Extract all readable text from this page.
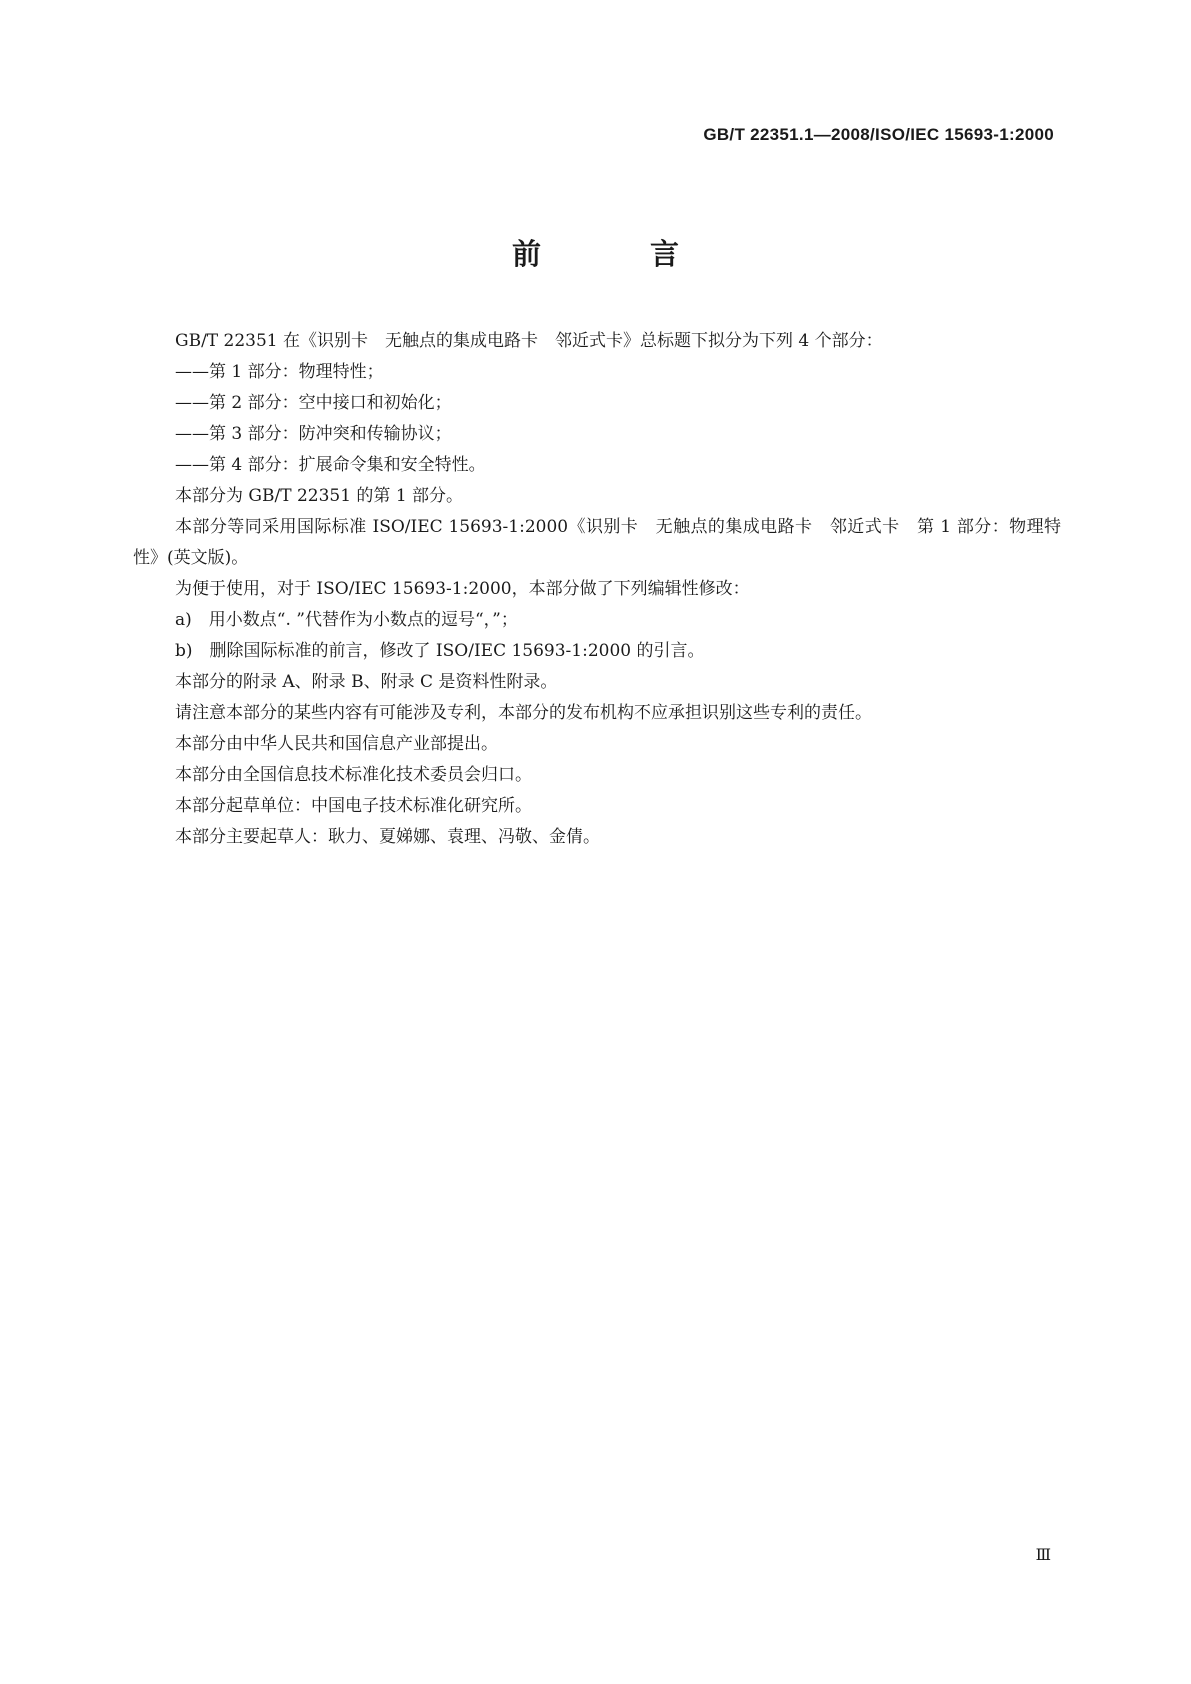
GB/T 22351.1—2008/ISO/IEC 15693-1:2000
前　言

GB/T 22351 在《识别卡　无触点的集成电路卡　邻近式卡》总标题下拟分为下列 4 个部分：

——第 1 部分：物理特性；

——第 2 部分：空中接口和初始化；

——第 3 部分：防冲突和传输协议；

——第 4 部分：扩展命令集和安全特性。

本部分为 GB/T 22351 的第 1 部分。

本部分等同采用国际标准 ISO/IEC 15693-1:2000《识别卡　无触点的集成电路卡　邻近式卡　第 1 部分：物理特性》(英文版)。

为便于使用，对于 ISO/IEC 15693-1:2000，本部分做了下列编辑性修改：

a)　用小数点“. ”代替作为小数点的逗号“，”；

b)　删除国际标准的前言，修改了 ISO/IEC 15693-1:2000 的引言。

本部分的附录 A、附录 B、附录 C 是资料性附录。

请注意本部分的某些内容有可能涉及专利，本部分的发布机构不应承担识别这些专利的责任。

本部分由中华人民共和国信息产业部提出。

本部分由全国信息技术标准化技术委员会归口。

本部分起草单位：中国电子技术标准化研究所。

本部分主要起草人：耿力、夏娣娜、袁理、冯敬、金倩。

Ⅲ
